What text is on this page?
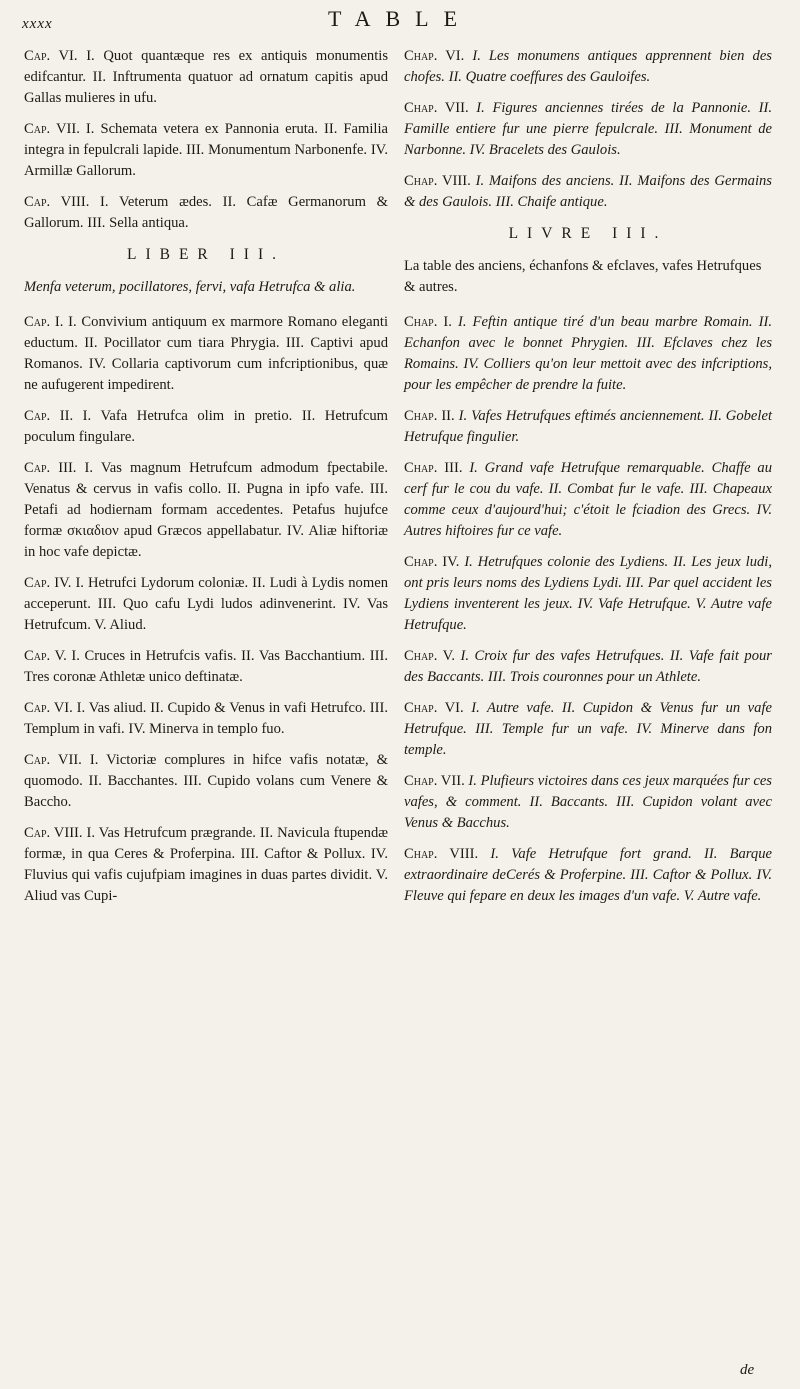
xxxx	TABLE

Cap. VI. I. Quot quantæque res ex antiquis monumentis edifcantur. II. Inftrumenta quatuor ad ornatum capitis apud Gallas mulieres in ufu.

Cap. VII. I. Schemata vetera ex Pannonia eruta. II. Familia integra in fepulcrali lapide. III. Monumentum Narbonenfe. IV. Armillæ Gallorum.

Cap. VIII. I. Veterum ædes. II. Cafæ Germanorum & Gallorum. III. Sella antiqua.

LIBER III.
Menfa veterum, pocillatores, fervi, vafa Hetrufca & alia.

Cap. I. I. Convivium antiquum ex marmore Romano eleganti eductum. II. Pocillator cum tiara Phrygia. III. Captivi apud Romanos. IV. Collaria captivorum cum infcriptionibus, quæ ne aufugerent impedirent.

Cap. II. I. Vafa Hetrufca olim in pretio. II. Hetrufcum poculum fingulare.

Cap. III. I. Vas magnum Hetrufcum admodum fpectabile. Venatus & cervus in vafis collo. II. Pugna in ipfo vafe. III. Petafi ad hodiernam formam accedentes. Petafus hujufce formæ σκιαδιον apud Græcos appellabatur. IV. Aliæ hiftoriæ in hoc vafe depictæ.

Cap. IV. I. Hetrufci Lydorum coloniæ. II. Ludi à Lydis nomen acceperunt. III. Quo cafu Lydi ludos adinvenerint. IV. Vas Hetrufcum. V. Aliud.

Cap. V. I. Cruces in Hetrufcis vafis. II. Vas Bacchantium. III. Tres coronæ Athletæ unico deftinatæ.

Cap. VI. I. Vas aliud. II. Cupido & Venus in vafi Hetrufco. III. Templum in vafi. IV. Minerva in templo fuo.

Cap. VII. I. Victoriæ complures in hifce vafis notatæ, & quomodo. II. Bacchantes. III. Cupido volans cum Venere & Baccho.

Cap. VIII. I. Vas Hetrufcum prægrande. II. Navicula ftupendæ formæ, in qua Ceres & Proferpina. III. Caftor & Pollux. IV. Fluvius qui vafis cujufpiam imagines in duas partes dividit. V. Aliud vas Cupi-

Chap. VI. I. Les monumens antiques apprennent bien des chofes. II. Quatre coeffures des Gauloifes.

Chap. VII. I. Figures anciennes tirées de la Pannonie. II. Famille entiere fur une pierre fepulcrale. III. Monument de Narbonne. IV. Bracelets des Gaulois.

Chap. VIII. I. Maifons des anciens. II. Maifons des Germains & des Gaulois. III. Chaife antique.

LIVRE III.
La table des anciens, échanfons & efclaves, vafes Hetrufques & autres.

Chap. I. I. Feftin antique tiré d'un beau marbre Romain. II. Echanfon avec le bonnet Phrygien. III. Efclaves chez les Romains. IV. Colliers qu'on leur mettoit avec des infcriptions, pour les empêcher de prendre la fuite.

Chap. II. I. Vafes Hetrufques eftimés anciennement. II. Gobelet Hetrufque fingulier.

Chap. III. I. Grand vafe Hetrufque remarquable. Chaffe au cerf fur le cou du vafe. II. Combat fur le vafe. III. Chapeaux comme ceux d'aujourd'hui; c'étoit le fciadion des Grecs. IV. Autres hiftoires fur ce vafe.

Chap. IV. I. Hetrufques colonie des Lydiens. II. Les jeux ludi, ont pris leurs noms des Lydiens Lydi. III. Par quel accident les Lydiens inventerent les jeux. IV. Vafe Hetrufque. V. Autre vafe Hetrufque.

Chap. V. I. Croix fur des vafes Hetrufques. II. Vafe fait pour des Baccants. III. Trois couronnes pour un Athlete.

Chap. VI. I. Autre vafe. II. Cupidon & Venus fur un vafe Hetrufque. III. Temple fur un vafe. IV. Minerve dans fon temple.

Chap. VII. I. Plufieurs victoires dans ces jeux marquées fur ces vafes, & comment. II. Baccants. III. Cupidon volant avec Venus & Bacchus.

Chap. VIII. I. Vafe Hetrufque fort grand. II. Barque extraordinaire deCerés & Proferpine. III. Caftor & Pollux. IV. Fleuve qui fepare en deux les images d'un vafe. V. Autre vafe.

de
